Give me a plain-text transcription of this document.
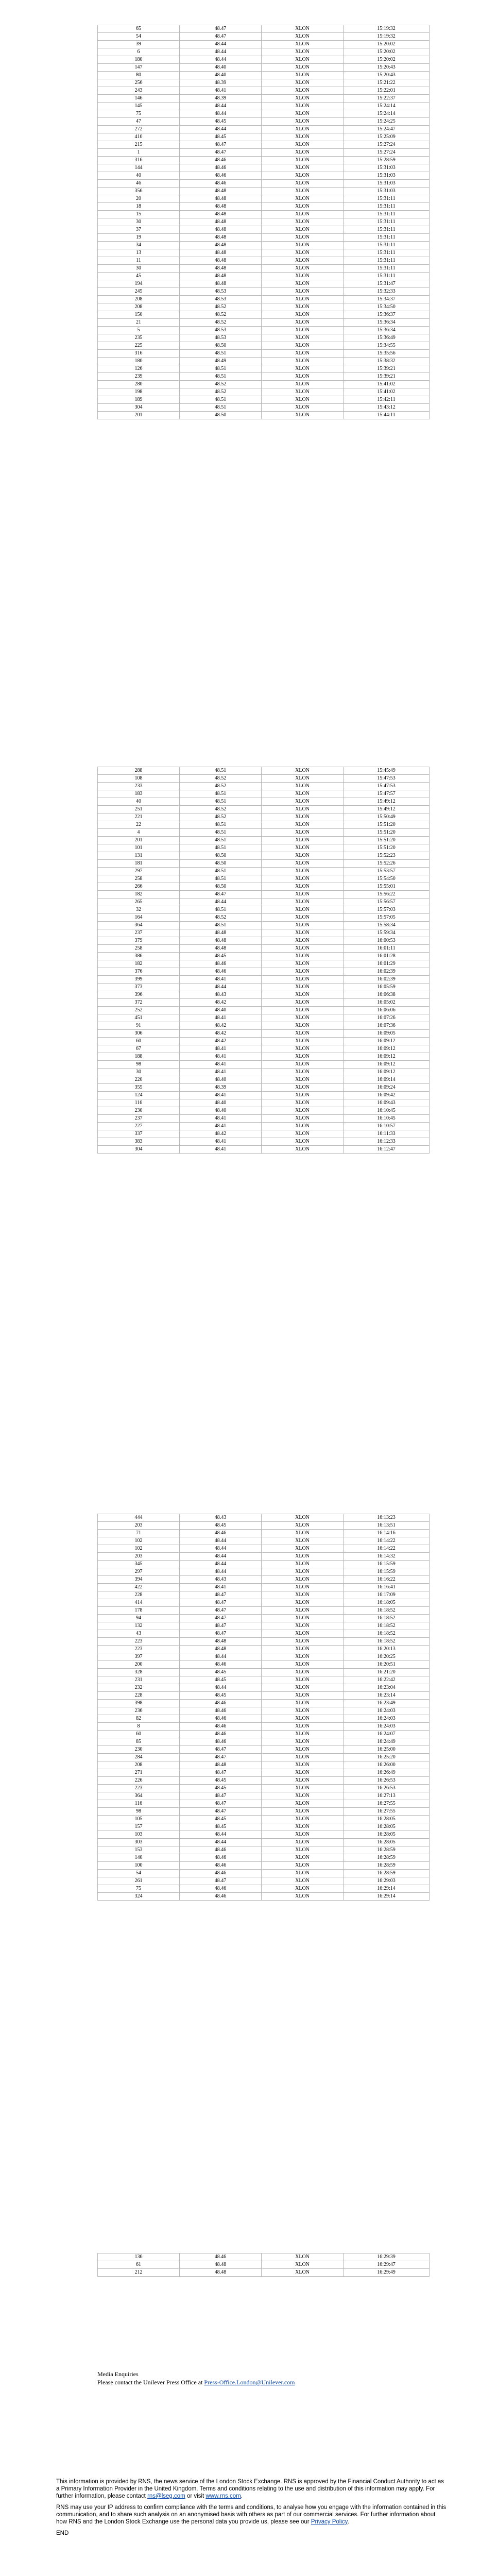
65	48.47	XLON	15:19:32
54	48.47	XLON	15:19:32
39	48.44	XLON	15:20:02
6	48.44	XLON	15:20:02
180	48.44	XLON	15:20:02
147	48.40	XLON	15:20:43
80	48.40	XLON	15:20:43
256	48.39	XLON	15:21:22
243	48.41	XLON	15:22:01
146	48.39	XLON	15:22:37
145	48.44	XLON	15:24:14
75	48.44	XLON	15:24:14
47	48.45	XLON	15:24:25
272	48.44	XLON	15:24:47
410	48.45	XLON	15:25:09
215	48.47	XLON	15:27:24
1	48.47	XLON	15:27:24
316	48.46	XLON	15:28:59
144	48.46	XLON	15:31:03
40	48.46	XLON	15:31:03
46	48.46	XLON	15:31:03
356	48.48	XLON	15:31:03
20	48.48	XLON	15:31:11
18	48.48	XLON	15:31:11
15	48.48	XLON	15:31:11
30	48.48	XLON	15:31:11
37	48.48	XLON	15:31:11
19	48.48	XLON	15:31:11
34	48.48	XLON	15:31:11
13	48.48	XLON	15:31:11
11	48.48	XLON	15:31:11
30	48.48	XLON	15:31:11
45	48.48	XLON	15:31:11
194	48.48	XLON	15:31:47
245	48.53	XLON	15:32:33
208	48.53	XLON	15:34:37
208	48.52	XLON	15:34:50
150	48.52	XLON	15:36:37
21	48.52	XLON	15:36:34
5	48.53	XLON	15:36:34
235	48.53	XLON	15:36:49
225	48.50	XLON	15:34:55
316	48.51	XLON	15:35:56
180	48.49	XLON	15:38:32
126	48.51	XLON	15:39:21
239	48.51	XLON	15:39:21
280	48.52	XLON	15:41:02
198	48.52	XLON	15:41:02
189	48.51	XLON	15:42:11
304	48.51	XLON	15:43:12
201	48.50	XLON	15:44:11
288	48.51	XLON	15:45:49
108	48.52	XLON	15:47:53
233	48.52	XLON	15:47:53
183	48.51	XLON	15:47:57
40	48.51	XLON	15:49:12
251	48.52	XLON	15:49:12
221	48.52	XLON	15:50:49
22	48.51	XLON	15:51:20
4	48.51	XLON	15:51:20
201	48.51	XLON	15:51:20
101	48.51	XLON	15:51:20
131	48.50	XLON	15:52:23
181	48.50	XLON	15:52:26
297	48.51	XLON	15:53:57
258	48.51	XLON	15:54:50
266	48.50	XLON	15:55:01
182	48.47	XLON	15:56:22
265	48.44	XLON	15:56:57
32	48.51	XLON	15:57:03
164	48.52	XLON	15:57:05
364	48.51	XLON	15:58:34
237	48.48	XLON	15:59:34
379	48.48	XLON	16:00:53
258	48.48	XLON	16:01:11
386	48.45	XLON	16:01:28
182	48.46	XLON	16:01:29
376	48.46	XLON	16:02:39
399	48.41	XLON	16:02:39
373	48.44	XLON	16:05:59
396	48.43	XLON	16:06:38
372	48.42	XLON	16:05:02
252	48.40	XLON	16:06:06
451	48.41	XLON	16:07:26
91	48.42	XLON	16:07:36
306	48.42	XLON	16:09:05
60	48.42	XLON	16:09:12
67	48.41	XLON	16:09:12
188	48.41	XLON	16:09:12
98	48.41	XLON	16:09:12
30	48.41	XLON	16:09:12
220	48.40	XLON	16:09:14
355	48.39	XLON	16:09:24
124	48.41	XLON	16:09:42
116	48.40	XLON	16:09:43
230	48.40	XLON	16:10:45
237	48.41	XLON	16:10:45
227	48.41	XLON	16:10:57
337	48.42	XLON	16:11:33
383	48.41	XLON	16:12:33
304	48.41	XLON	16:12:47
444	48.43	XLON	16:13:23
203	48.45	XLON	16:13:51
71	48.46	XLON	16:14:16
102	48.44	XLON	16:14:22
102	48.44	XLON	16:14:22
203	48.44	XLON	16:14:32
345	48.44	XLON	16:15:59
297	48.44	XLON	16:15:59
394	48.43	XLON	16:16:22
422	48.41	XLON	16:16:41
228	48.47	XLON	16:17:09
414	48.47	XLON	16:18:05
178	48.47	XLON	16:18:52
94	48.47	XLON	16:18:52
132	48.47	XLON	16:18:52
43	48.47	XLON	16:18:52
223	48.48	XLON	16:18:52
223	48.48	XLON	16:20:13
397	48.44	XLON	16:20:25
200	48.46	XLON	16:20:51
328	48.45	XLON	16:21:20
231	48.45	XLON	16:22:42
232	48.44	XLON	16:23:04
228	48.45	XLON	16:23:14
398	48.46	XLON	16:23:49
236	48.46	XLON	16:24:03
82	48.46	XLON	16:24:03
8	48.46	XLON	16:24:03
60	48.46	XLON	16:24:07
85	48.46	XLON	16:24:49
230	48.47	XLON	16:25:00
284	48.47	XLON	16:25:20
208	48.48	XLON	16:26:00
271	48.47	XLON	16:26:49
226	48.45	XLON	16:26:53
223	48.45	XLON	16:26:53
364	48.47	XLON	16:27:13
116	48.47	XLON	16:27:55
98	48.47	XLON	16:27:55
105	48.45	XLON	16:28:05
157	48.45	XLON	16:28:05
103	48.44	XLON	16:28:05
303	48.44	XLON	16:28:05
153	48.46	XLON	16:28:59
140	48.46	XLON	16:28:59
100	48.46	XLON	16:28:59
54	48.46	XLON	16:28:59
261	48.47	XLON	16:29:03
75	48.46	XLON	16:29:14
324	48.46	XLON	16:29:14
136	48.46	XLON	16:29:39
61	48.48	XLON	16:29:47
212	48.48	XLON	16:29:49
Media Enquiries
Please contact the Unilever Press Office at Press-Office.London@Unilever.com

This information is provided by RNS, the news service of the London Stock Exchange. RNS is approved by the Financial Conduct Authority to act as a Primary Information Provider in the United Kingdom. Terms and conditions relating to the use and distribution of this information may apply. For further information, please contact rns@lseg.com or visit www.rns.com.

RNS may use your IP address to confirm compliance with the terms and conditions, to analyse how you engage with the information contained in this communication, and to share such analysis on an anonymised basis with others as part of our commercial services. For further information about how RNS and the London Stock Exchange use the personal data you provide us, please see our Privacy Policy.

END
